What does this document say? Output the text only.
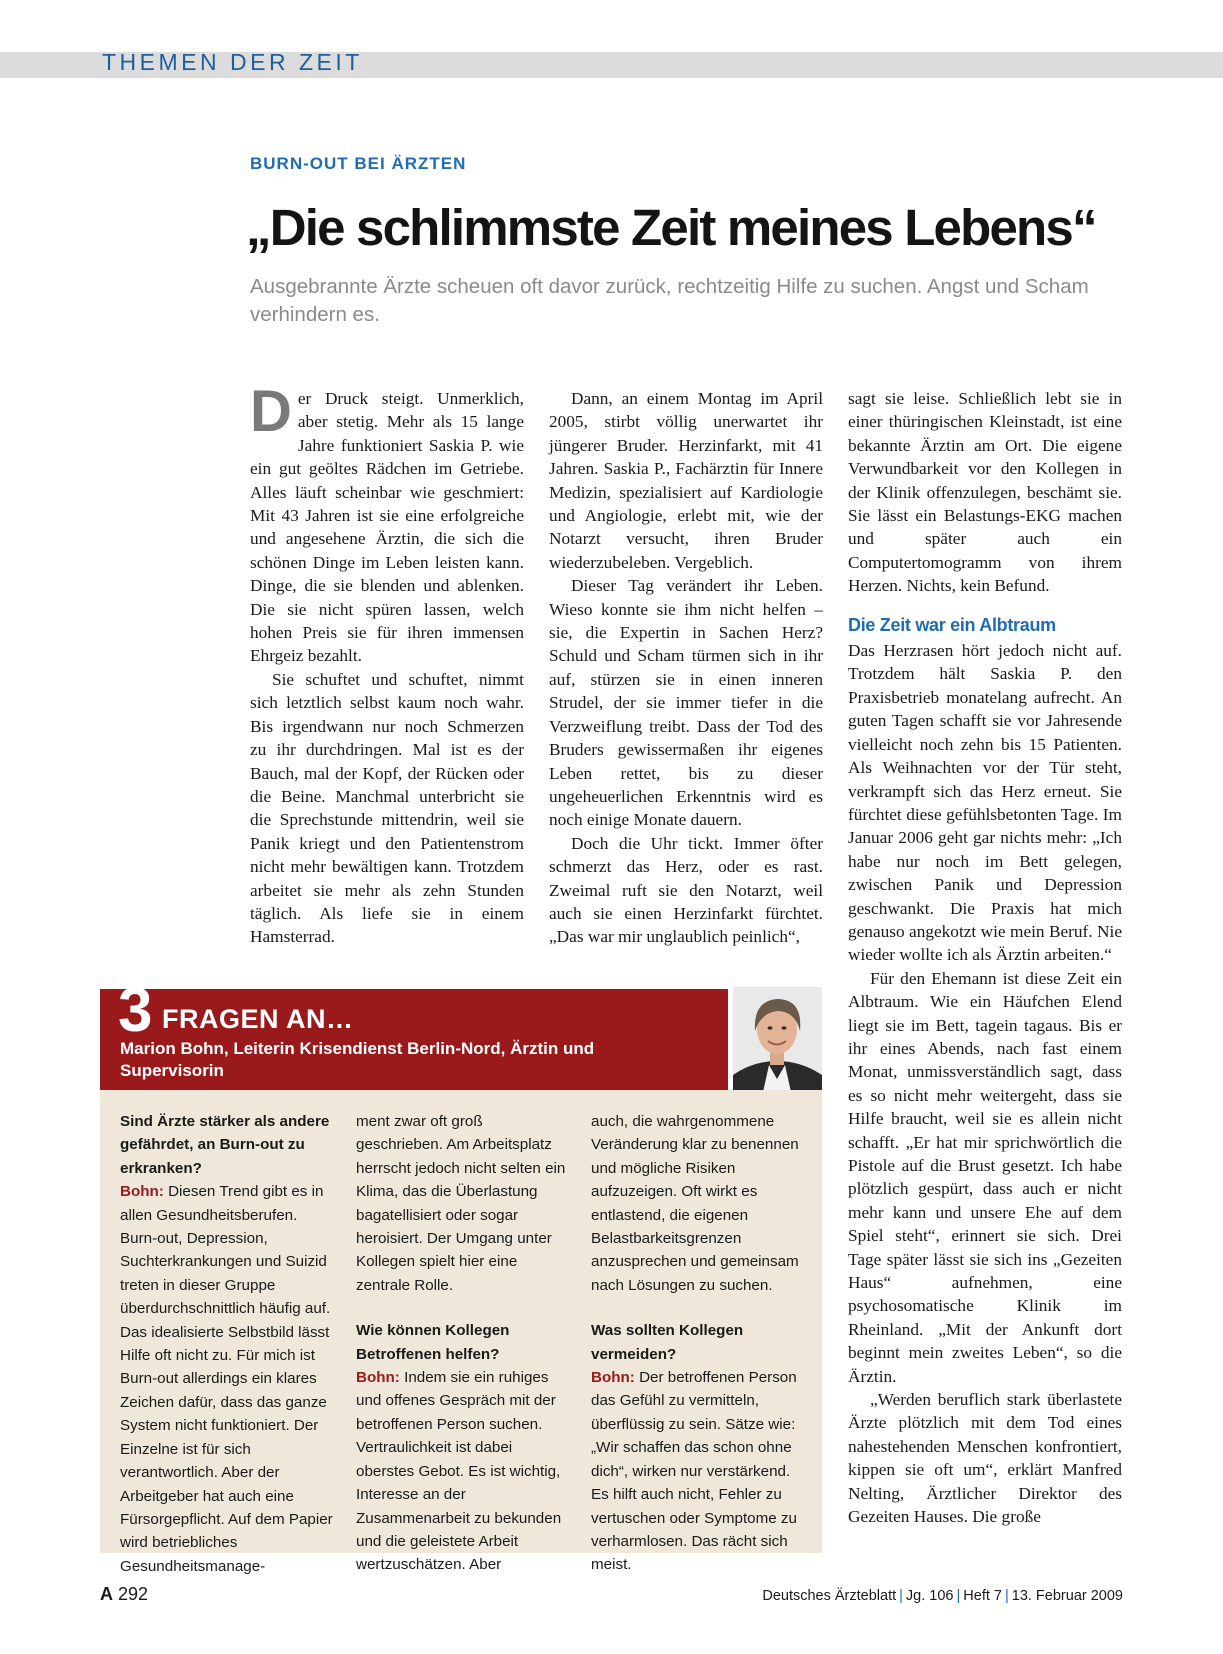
THEMEN DER ZEIT
BURN-OUT BEI ÄRZTEN
„Die schlimmste Zeit meines Lebens“
Ausgebrannte Ärzte scheuen oft davor zurück, rechtzeitig Hilfe zu suchen. Angst und Scham verhindern es.

Der Druck steigt. Unmerklich, aber stetig. Mehr als 15 lange Jahre funktioniert Saskia P. wie ein gut geöltes Rädchen im Getriebe. Alles läuft scheinbar wie geschmiert: Mit 43 Jahren ist sie eine erfolgreiche und angesehene Ärztin, die sich die schönen Dinge im Leben leisten kann. Dinge, die sie blenden und ablenken. Die sie nicht spüren lassen, welch hohen Preis sie für ihren immensen Ehrgeiz bezahlt.

Sie schuftet und schuftet, nimmt sich letztlich selbst kaum noch wahr. Bis irgendwann nur noch Schmerzen zu ihr durchdringen. Mal ist es der Bauch, mal der Kopf, der Rücken oder die Beine. Manchmal unterbricht sie die Sprechstunde mittendrin, weil sie Panik kriegt und den Patientenstrom nicht mehr bewältigen kann. Trotzdem arbeitet sie mehr als zehn Stunden täglich. Als liefe sie in einem Hamsterrad.

Dann, an einem Montag im April 2005, stirbt völlig unerwartet ihr jüngerer Bruder. Herzinfarkt, mit 41 Jahren. Saskia P., Fachärztin für Innere Medizin, spezialisiert auf Kardiologie und Angiologie, erlebt mit, wie der Notarzt versucht, ihren Bruder wiederzubeleben. Vergeblich.

Dieser Tag verändert ihr Leben. Wieso konnte sie ihm nicht helfen – sie, die Expertin in Sachen Herz? Schuld und Scham türmen sich in ihr auf, stürzen sie in einen inneren Strudel, der sie immer tiefer in die Verzweiflung treibt. Dass der Tod des Bruders gewissermaßen ihr eigenes Leben rettet, bis zu dieser ungeheuerlichen Erkenntnis wird es noch einige Monate dauern.

Doch die Uhr tickt. Immer öfter schmerzt das Herz, oder es rast. Zweimal ruft sie den Notarzt, weil auch sie einen Herzinfarkt fürchtet. „Das war mir unglaublich peinlich“,

sagt sie leise. Schließlich lebt sie in einer thüringischen Kleinstadt, ist eine bekannte Ärztin am Ort. Die eigene Verwundbarkeit vor den Kollegen in der Klinik offenzulegen, beschämt sie. Sie lässt ein Belastungs-EKG machen und später auch ein Computertomogramm von ihrem Herzen. Nichts, kein Befund.

Die Zeit war ein Albtraum

Das Herzrasen hört jedoch nicht auf. Trotzdem hält Saskia P. den Praxisbetrieb monatelang aufrecht. An guten Tagen schafft sie vor Jahresende vielleicht noch zehn bis 15 Patienten. Als Weihnachten vor der Tür steht, verkrampft sich das Herz erneut. Sie fürchtet diese gefühlsbetonten Tage. Im Januar 2006 geht gar nichts mehr: „Ich habe nur noch im Bett gelegen, zwischen Panik und Depression geschwankt. Die Praxis hat mich genauso angekotzt wie mein Beruf. Nie wieder wollte ich als Ärztin arbeiten.“

Für den Ehemann ist diese Zeit ein Albtraum. Wie ein Häufchen Elend liegt sie im Bett, tagein tagaus. Bis er ihr eines Abends, nach fast einem Monat, unmissverständlich sagt, dass es so nicht mehr weitergeht, dass sie Hilfe braucht, weil sie es allein nicht schafft. „Er hat mir sprichwörtlich die Pistole auf die Brust gesetzt. Ich habe plötzlich gespürt, dass auch er nicht mehr kann und unsere Ehe auf dem Spiel steht“, erinnert sie sich. Drei Tage später lässt sie sich ins „Gezeiten Haus“ aufnehmen, eine psychosomatische Klinik im Rheinland. „Mit der Ankunft dort beginnt mein zweites Leben“, so die Ärztin.

„Werden beruflich stark überlastete Ärzte plötzlich mit dem Tod eines nahestehenden Menschen konfrontiert, kippen sie oft um“, erklärt Manfred Nelting, Ärztlicher Direktor des Gezeiten Hauses. Die große

3 FRAGEN AN…
Marion Bohn, Leiterin Krisendienst Berlin-Nord, Ärztin und Supervisorin

Sind Ärzte stärker als andere gefährdet, an Burn-out zu erkranken?

Bohn: Diesen Trend gibt es in allen Gesundheitsberufen. Burn-out, Depression, Suchterkrankungen und Suizid treten in dieser Gruppe überdurchschnittlich häufig auf. Das idealisierte Selbstbild lässt Hilfe oft nicht zu. Für mich ist Burn-out allerdings ein klares Zeichen dafür, dass das ganze System nicht funktioniert. Der Einzelne ist für sich verantwortlich. Aber der Arbeitgeber hat auch eine Fürsorgepflicht. Auf dem Papier wird betriebliches Gesundheitsmanage-

ment zwar oft groß geschrieben. Am Arbeitsplatz herrscht jedoch nicht selten ein Klima, das die Überlastung bagatellisiert oder sogar heroisiert. Der Umgang unter Kollegen spielt hier eine zentrale Rolle.

Wie können Kollegen Betroffenen helfen?

Bohn: Indem sie ein ruhiges und offenes Gespräch mit der betroffenen Person suchen. Vertraulichkeit ist dabei oberstes Gebot. Es ist wichtig, Interesse an der Zusammenarbeit zu bekunden und die geleistete Arbeit wertzuschätzen. Aber

auch, die wahrgenommene Veränderung klar zu benennen und mögliche Risiken aufzuzeigen. Oft wirkt es entlastend, die eigenen Belastbarkeitsgrenzen anzusprechen und gemeinsam nach Lösungen zu suchen.

Was sollten Kollegen vermeiden?

Bohn: Der betroffenen Person das Gefühl zu vermitteln, überflüssig zu sein. Sätze wie: „Wir schaffen das schon ohne dich“, wirken nur verstärkend. Es hilft auch nicht, Fehler zu vertuschen oder Symptome zu verharmlosen. Das rächt sich meist.

A 292	Deutsches Ärzteblatt | Jg. 106 | Heft 7 | 13. Februar 2009
